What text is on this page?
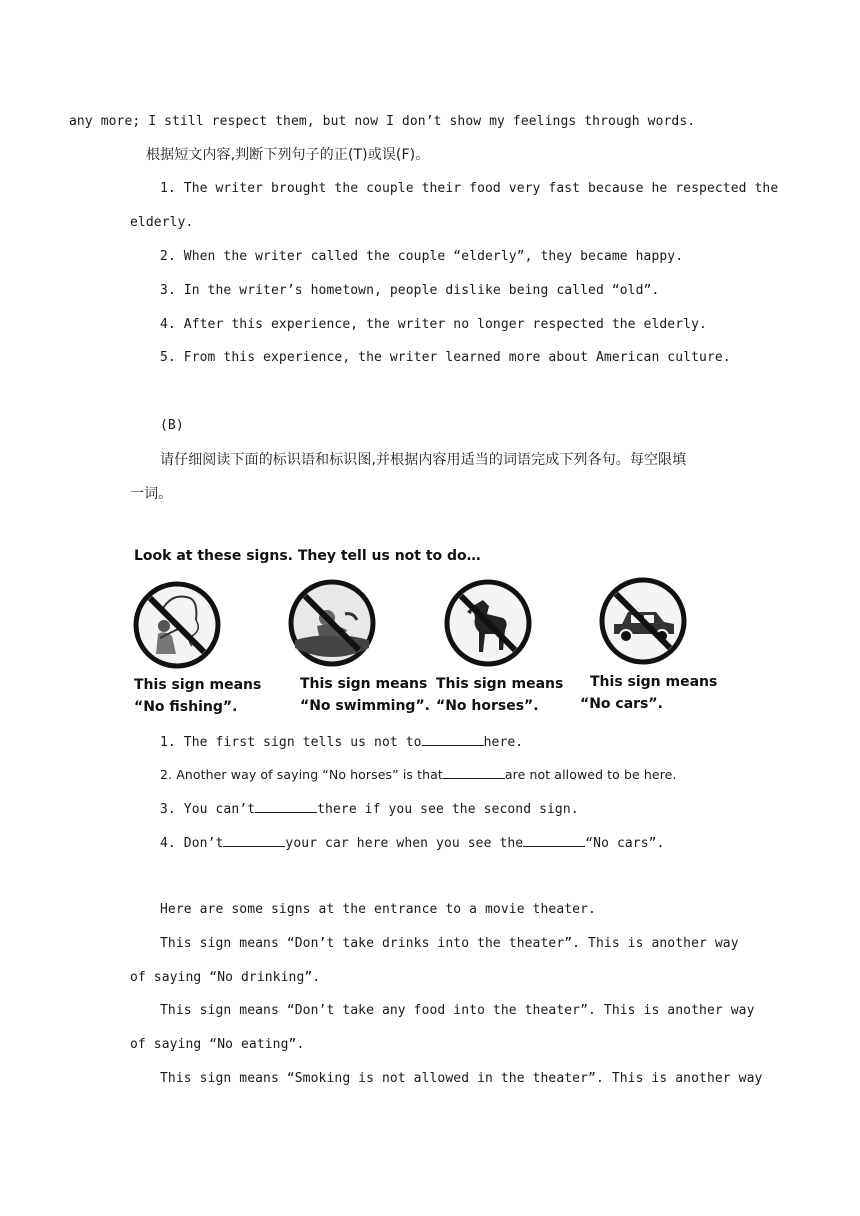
any more; I still respect them, but now I don’t show my feelings through words.
根据短文内容,判断下列句子的正(T)或误(F)。
1. The writer brought the couple their food very fast because he respected the
elderly.
2. When the writer called the couple “elderly”, they became happy.
3. In the writer’s hometown, people dislike being called “old”.
4. After this experience, the writer no longer respected the elderly.
5. From this experience, the writer learned more about American culture.
(B)
请仔细阅读下面的标识语和标识图,并根据内容用适当的词语完成下列各句。每空限填
一词。
Look at these signs. They tell us not to do…
This sign means
“No fishing”.
This sign means
“No swimming”.
This sign means
“No horses”.
This sign means
“No cars”.
1. The first sign tells us not to	here.
2. Another way of saying “No horses” is that	are not allowed to be here.
3. You can’t	there if you see the second sign.
4. Don’t	your car here when you see the	“No cars”.
Here are some signs at the entrance to a movie theater.
This sign means “Don’t take drinks into the theater”. This is another way
of saying “No drinking”.
This sign means “Don’t take any food into the theater”. This is another way
of saying “No eating”.
This sign means “Smoking is not allowed in the theater”. This is another way
